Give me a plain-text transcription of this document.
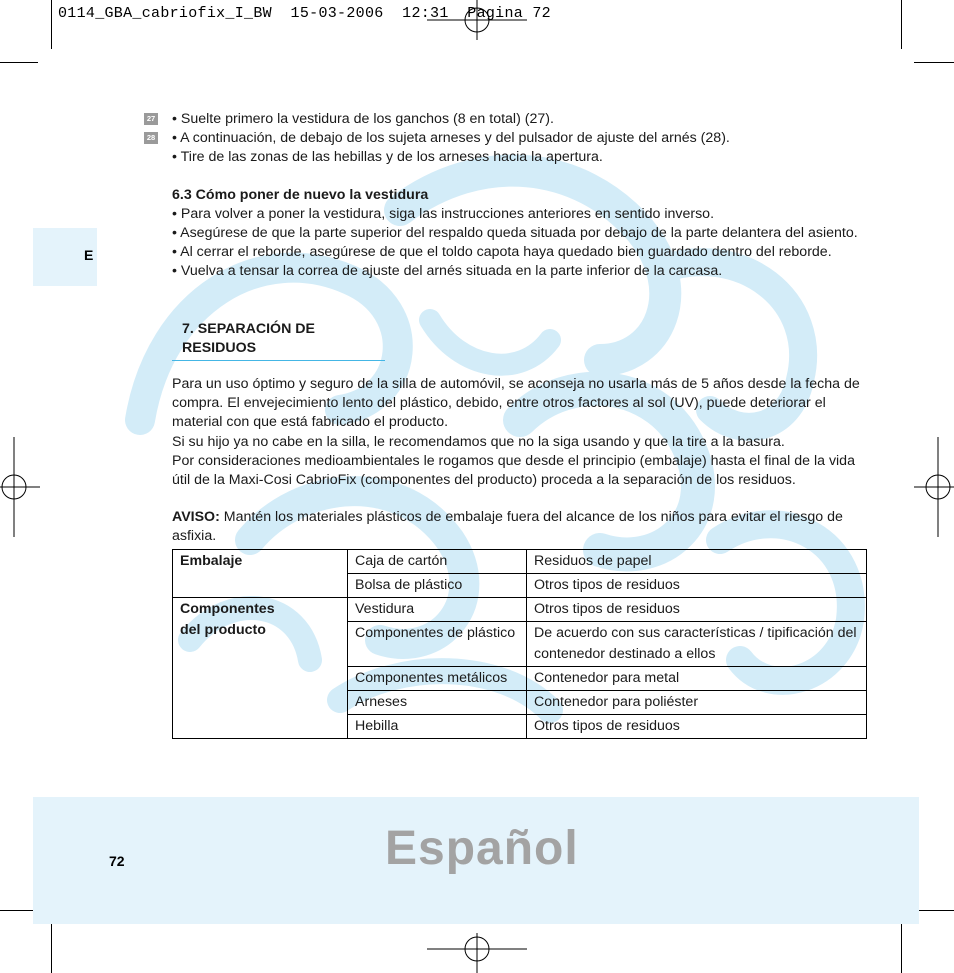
0114_GBA_cabriofix_I_BW  15-03-2006  12:31  Pagina 72
E
27 • Suelte primero la vestidura de los ganchos (8 en total) (27).
28 • A continuación, de debajo de los sujeta arneses y del pulsador de ajuste del arnés (28).
• Tire de las zonas de las hebillas y de los arneses hacia la apertura.
6.3 Cómo poner de nuevo la vestidura
• Para volver a poner la vestidura, siga las instrucciones anteriores en sentido inverso.
• Asegúrese de que la parte superior del respaldo queda situada por debajo de la parte delantera del asiento.
• Al cerrar el reborde, asegúrese de que el toldo capota haya quedado bien guardado dentro del reborde.
• Vuelva a tensar la correa de ajuste del arnés situada en la parte inferior de la carcasa.
7. SEPARACIÓN DE RESIDUOS
Para un uso óptimo y seguro de la silla de automóvil, se aconseja no usarla más de 5 años desde la fecha de compra. El envejecimiento lento del plástico, debido, entre otros factores al sol (UV), puede deteriorar el material con que está fabricado el producto.
Si su hijo ya no cabe en la silla, le recomendamos que no la siga usando y que la tire a la basura.
Por consideraciones medioambientales le rogamos que desde el principio (embalaje) hasta el final de la vida útil de la Maxi-Cosi CabrioFix (componentes del producto) proceda a la separación de los residuos.
AVISO: Mantén los materiales plásticos de embalaje fuera del alcance de los niños para evitar el riesgo de asfixia.
Embalaje	Caja de cartón	Residuos de papel
	Bolsa de plástico	Otros tipos de residuos
Componentes
del producto	Vestidura	Otros tipos de residuos
	Componentes de plástico	De acuerdo con sus características / tipificación del contenedor destinado a ellos
	Componentes metálicos	Contenedor para metal
	Arneses	Contenedor para poliéster
	Hebilla	Otros tipos de residuos
72	Español
